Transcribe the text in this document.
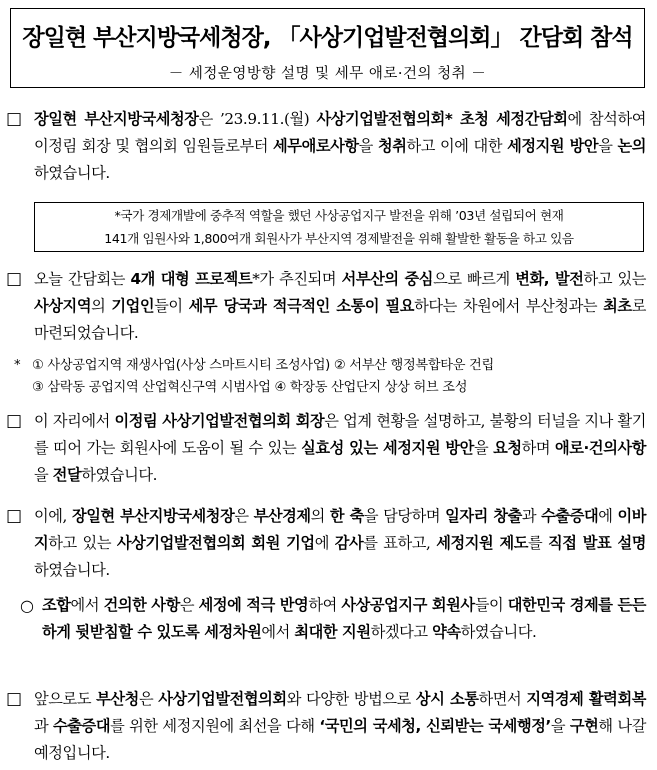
장일현 부산지방국세청장, 「사상기업발전협의회」 간담회 참석
－ 세정운영방향 설명 및 세무 애로·건의 청취 －
□ 장일현 부산지방국세청장은 ’23.9.11.(월) 사상기업발전협의회* 초청 세정간담회에 참석하여 이정림 회장 및 협의회 임원들로부터 세무애로사항을 청취하고 이에 대한 세정지원 방안을 논의하였습니다.
*국가 경제개발에 중추적 역할을 했던 사상공업지구 발전을 위해 ’03년 설립되어 현재
141개 임원사와 1,800여개 회원사가 부산지역 경제발전을 위해 활발한 활동을 하고 있음
□ 오늘 간담회는 4개 대형 프로젝트*가 추진되며 서부산의 중심으로 빠르게 변화, 발전하고 있는 사상지역의 기업인들이 세무 당국과 적극적인 소통이 필요하다는 차원에서 부산청과는 최초로 마련되었습니다.
* ① 사상공업지역 재생사업(사상 스마트시티 조성사업) ② 서부산 행정복합타운 건립
③ 삼락동 공업지역 산업혁신구역 시범사업 ④ 학장동 산업단지 상상 허브 조성
□ 이 자리에서 이정림 사상기업발전협의회 회장은 업계 현황을 설명하고, 불황의 터널을 지나 활기를 띠어 가는 회원사에 도움이 될 수 있는 실효성 있는 세정지원 방안을 요청하며 애로·건의사항을 전달하였습니다.
□ 이에, 장일현 부산지방국세청장은 부산경제의 한 축을 담당하며 일자리 창출과 수출증대에 이바지하고 있는 사상기업발전협의회 회원 기업에 감사를 표하고, 세정지원 제도를 직접 발표 설명하였습니다.
○ 조합에서 건의한 사항은 세정에 적극 반영하여 사상공업지구 회원사들이 대한민국 경제를 든든하게 뒷받침할 수 있도록 세정차원에서 최대한 지원하겠다고 약속하였습니다.
□ 앞으로도 부산청은 사상기업발전협의회와 다양한 방법으로 상시 소통하면서 지역경제 활력회복과 수출증대를 위한 세정지원에 최선을 다해 ‘국민의 국세청, 신뢰받는 국세행정’을 구현해 나갈 예정입니다.
